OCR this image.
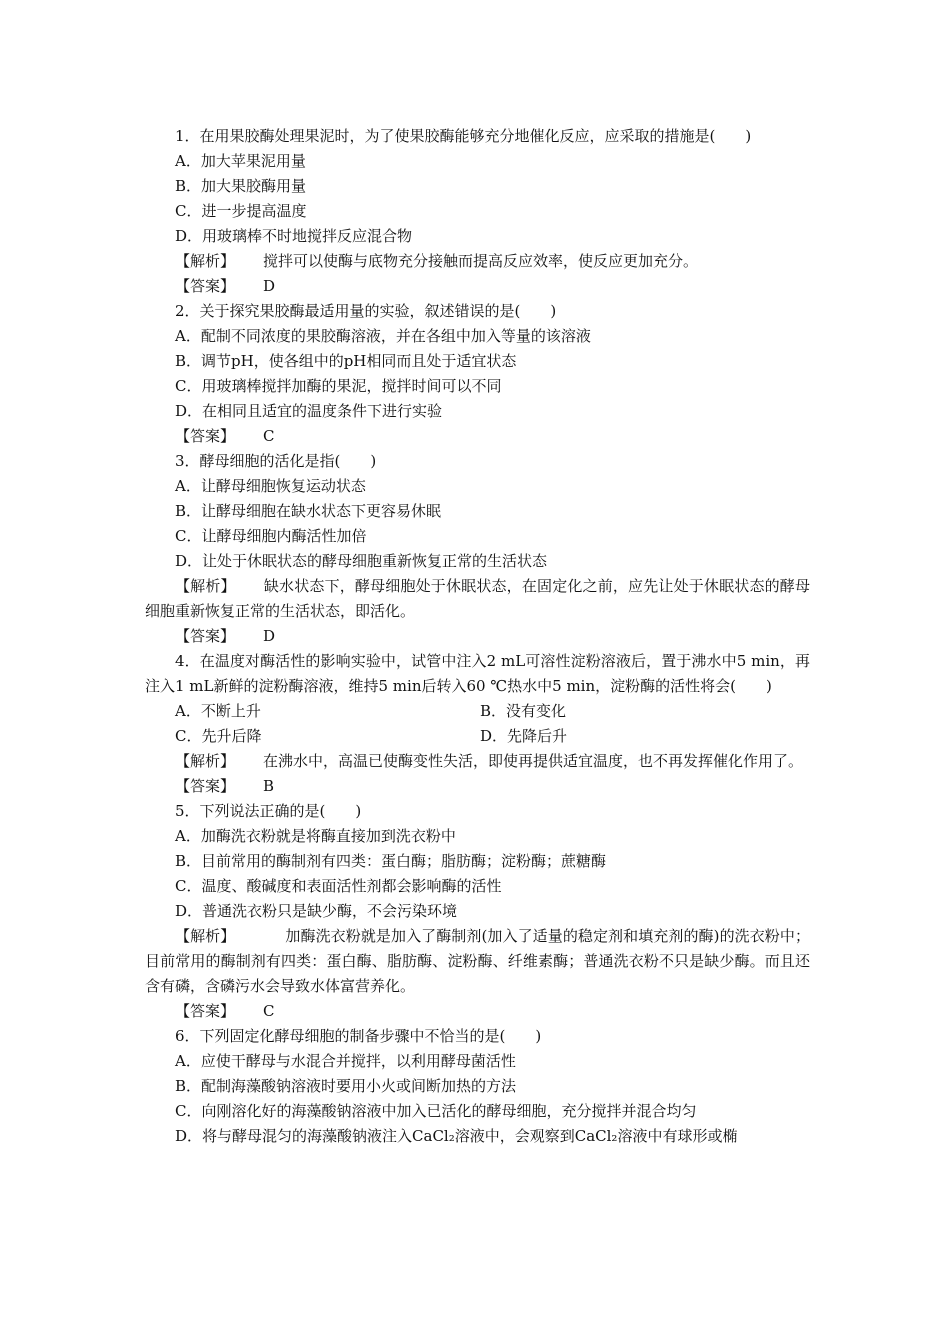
1．在用果胶酶处理果泥时，为了使果胶酶能够充分地催化反应，应采取的措施是(　　)
A．加大苹果泥用量
B．加大果胶酶用量
C．进一步提高温度
D．用玻璃棒不时地搅拌反应混合物
【解析】 搅拌可以使酶与底物充分接触而提高反应效率，使反应更加充分。
【答案】 D
2．关于探究果胶酶最适用量的实验，叙述错误的是(　　)
A．配制不同浓度的果胶酶溶液，并在各组中加入等量的该溶液
B．调节pH，使各组中的pH相同而且处于适宜状态
C．用玻璃棒搅拌加酶的果泥，搅拌时间可以不同
D．在相同且适宜的温度条件下进行实验
【答案】 C
3．酵母细胞的活化是指(　　)
A．让酵母细胞恢复运动状态
B．让酵母细胞在缺水状态下更容易休眠
C．让酵母细胞内酶活性加倍
D．让处于休眠状态的酵母细胞重新恢复正常的生活状态
【解析】 缺水状态下，酵母细胞处于休眠状态，在固定化之前，应先让处于休眠状态的酵母细胞重新恢复正常的生活状态，即活化。
【答案】 D
4．在温度对酶活性的影响实验中，试管中注入2 mL可溶性淀粉溶液后，置于沸水中5 min，再注入1 mL新鲜的淀粉酶溶液，维持5 min后转入60 ℃热水中5 min，淀粉酶的活性将会(　　)
A．不断上升	B．没有变化
C．先升后降	D．先降后升
【解析】 在沸水中，高温已使酶变性失活，即使再提供适宜温度，也不再发挥催化作用了。
【答案】 B
5．下列说法正确的是(　　)
A．加酶洗衣粉就是将酶直接加到洗衣粉中
B．目前常用的酶制剂有四类：蛋白酶；脂肪酶；淀粉酶；蔗糖酶
C．温度、酸碱度和表面活性剂都会影响酶的活性
D．普通洗衣粉只是缺少酶，不会污染环境
【解析】	加酶洗衣粉就是加入了酶制剂(加入了适量的稳定剂和填充剂的酶)的洗衣粉中；目前常用的酶制剂有四类：蛋白酶、脂肪酶、淀粉酶、纤维素酶；普通洗衣粉不只是缺少酶。而且还含有磷，含磷污水会导致水体富营养化。
【答案】 C
6．下列固定化酵母细胞的制备步骤中不恰当的是(　　)
A．应使干酵母与水混合并搅拌，以利用酵母菌活性
B．配制海藻酸钠溶液时要用小火或间断加热的方法
C．向刚溶化好的海藻酸钠溶液中加入已活化的酵母细胞，充分搅拌并混合均匀
D．将与酵母混匀的海藻酸钠液注入CaCl₂溶液中，会观察到CaCl₂溶液中有球形或椭
